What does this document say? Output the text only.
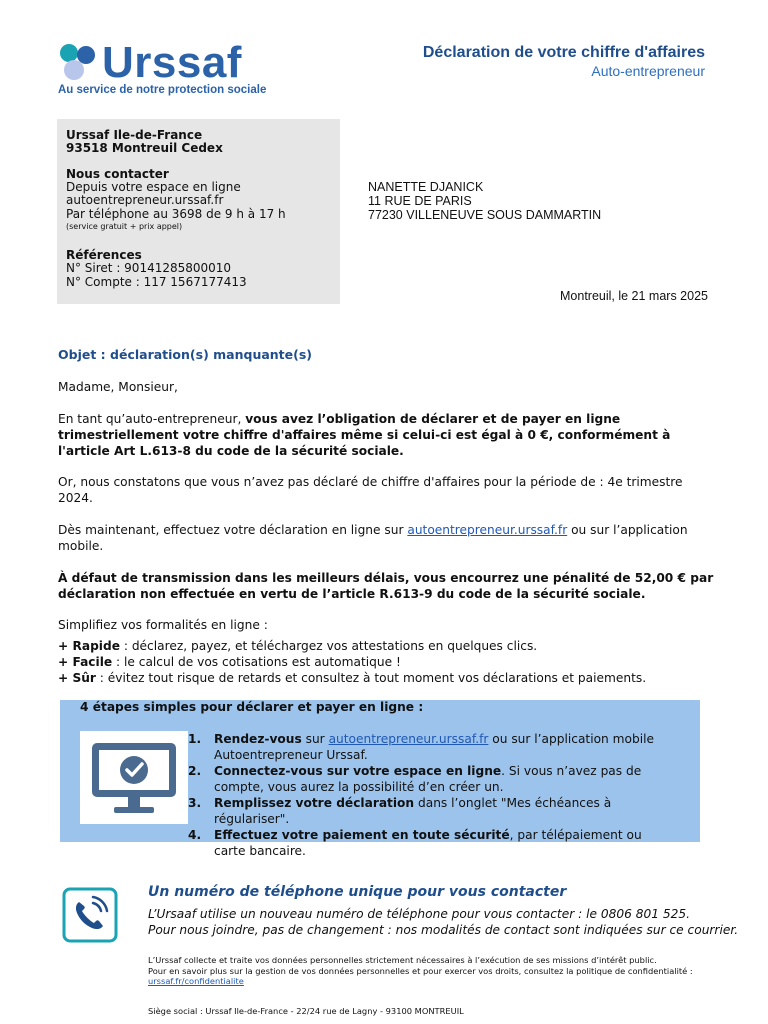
Urssaf
Au service de notre protection sociale
Déclaration de votre chiffre d'affaires
Auto-entrepreneur
Urssaf Ile-de-France
93518 Montreuil Cedex
Nous contacter
Depuis votre espace en ligne
autoentrepreneur.urssaf.fr
Par téléphone au 3698 de 9 h à 17 h
(service gratuit + prix appel)
Références
N° Siret : 90141285800010
N° Compte : 117 1567177413
NANETTE DJANICK
11 RUE DE PARIS
77230 VILLENEUVE SOUS DAMMARTIN
Montreuil, le 21 mars 2025
Objet : déclaration(s) manquante(s)
Madame, Monsieur,
En tant qu’auto-entrepreneur, vous avez l’obligation de déclarer et de payer en ligne trimestriellement votre chiffre d'affaires même si celui-ci est égal à 0 €, conformément à l'article Art L.613-8 du code de la sécurité sociale.
Or, nous constatons que vous n’avez pas déclaré de chiffre d'affaires pour la période de : 4e trimestre 2024.
Dès maintenant, effectuez votre déclaration en ligne sur autoentrepreneur.urssaf.fr ou sur l’application mobile.
À défaut de transmission dans les meilleurs délais, vous encourrez une pénalité de 52,00 € par déclaration non effectuée en vertu de l’article R.613-9 du code de la sécurité sociale.
Simplifiez vos formalités en ligne :
+ Rapide : déclarez, payez, et téléchargez vos attestations en quelques clics.
+ Facile : le calcul de vos cotisations est automatique !
+ Sûr : évitez tout risque de retards et consultez à tout moment vos déclarations et paiements.
4 étapes simples pour déclarer et payer en ligne :
1. Rendez-vous sur autoentrepreneur.urssaf.fr ou sur l’application mobile Autoentrepreneur Urssaf.
2. Connectez-vous sur votre espace en ligne. Si vous n’avez pas de compte, vous aurez la possibilité d’en créer un.
3. Remplissez votre déclaration dans l’onglet "Mes échéances à régulariser".
4. Effectuez votre paiement en toute sécurité, par télépaiement ou carte bancaire.
Un numéro de téléphone unique pour vous contacter
L’Ursaaf utilise un nouveau numéro de téléphone pour vous contacter : le 0806 801 525.
Pour nous joindre, pas de changement : nos modalités de contact sont indiquées sur ce courrier.
L’Urssaf collecte et traite vos données personnelles strictement nécessaires à l’exécution de ses missions d’intérêt public.
Pour en savoir plus sur la gestion de vos données personnelles et pour exercer vos droits, consultez la politique de confidentialité :
urssaf.fr/confidentialite
Siège social : Urssaf Ile-de-France - 22/24 rue de Lagny - 93100 MONTREUIL
